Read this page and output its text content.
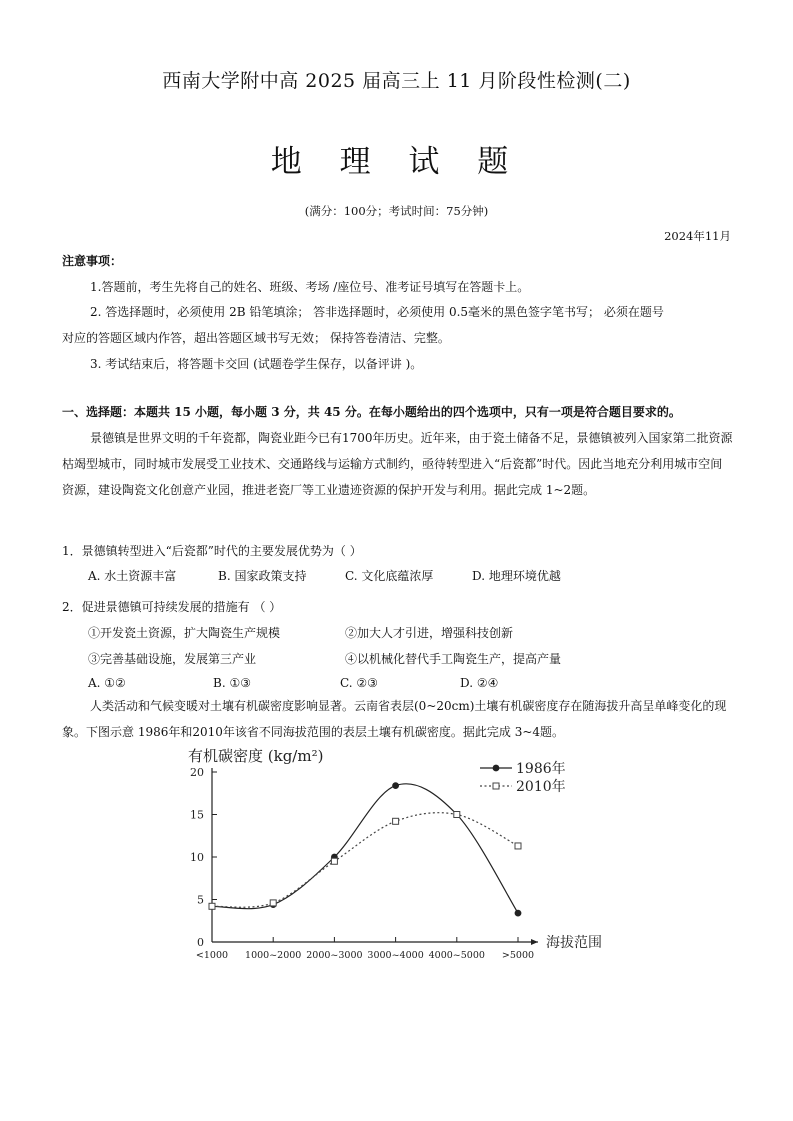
西南大学附中高 2025 届高三上 11 月阶段性检测(二)
地 理 试 题
(满分：100分；考试时间：75分钟)
2024年11月
注意事项：
1.答题前，考生先将自己的姓名、班级、考场 /座位号、准考证号填写在答题卡上。
2. 答选择题时，必须使用 2B 铅笔填涂； 答非选择题时，必须使用 0.5毫米的黑色签字笔书写； 必须在题号
对应的答题区域内作答，超出答题区域书写无效； 保持答卷清洁、完整。
3. 考试结束后，将答题卡交回 (试题卷学生保存，以备评讲 )。
一、选择题：本题共 15 小题，每小题 3 分，共 45 分。在每小题给出的四个选项中，只有一项是符合题目要求的。
景德镇是世界文明的千年瓷都，陶瓷业距今已有1700年历史。近年来，由于瓷土储备不足，景德镇被列入国家第二批资源枯竭型城市，同时城市发展受工业技术、交通路线与运输方式制约，亟待转型进入“后瓷都”时代。因此当地充分利用城市空间资源，建设陶瓷文化创意产业园，推进老瓷厂等工业遗迹资源的保护开发与利用。据此完成 1~2题。
1．景德镇转型进入“后瓷都”时代的主要发展优势为（ ）
A. 水土资源丰富	B. 国家政策支持	C. 文化底蕴浓厚	D. 地理环境优越
2．促进景德镇可持续发展的措施有 （ ）
①开发瓷土资源，扩大陶瓷生产规模	②加大人才引进，增强科技创新
③完善基础设施，发展第三产业	④以机械化替代手工陶瓷生产，提高产量
A. ①②	B. ①③	C. ②③	D. ②④
人类活动和气候变暖对土壤有机碳密度影响显著。云南省表层(0~20cm)土壤有机碳密度存在随海拔升高呈单峰变化的现象。下图示意 1986年和2010年该省不同海拔范围的表层土壤有机碳密度。据此完成 3~4题。
有机碳密度 (kg/m²)
0
5
10
15
20
<1000 1000~2000 2000~3000 3000~4000 4000~5000 >5000
海拔范围
1986年
2010年
